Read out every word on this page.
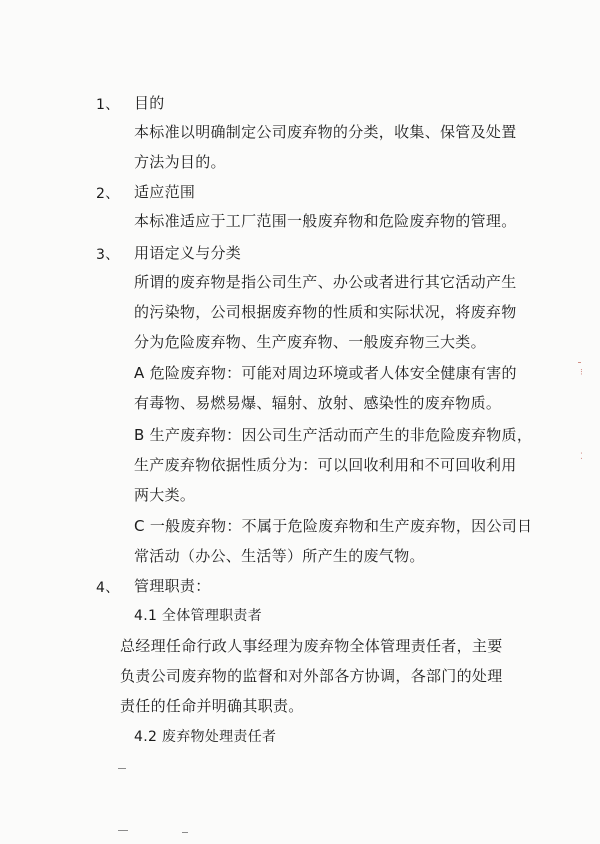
1、 目的
本标准以明确制定公司废弃物的分类，收集、保管及处置
方法为目的。
2、 适应范围
本标准适应于工厂范围一般废弃物和危险废弃物的管理。
3、 用语定义与分类
所谓的废弃物是指公司生产、办公或者进行其它活动产生
的污染物，公司根据废弃物的性质和实际状况，将废弃物
分为危险废弃物、生产废弃物、一般废弃物三大类。
A 危险废弃物：可能对周边环境或者人体安全健康有害的
有毒物、易燃易爆、辐射、放射、感染性的废弃物质。
B 生产废弃物：因公司生产活动而产生的非危险废弃物质，
生产废弃物依据性质分为：可以回收利用和不可回收利用
两大类。
C 一般废弃物：不属于危险废弃物和生产废弃物，因公司日
常活动（办公、生活等）所产生的废气物。
4、 管理职责：
4.1 全体管理职责者
总经理任命行政人事经理为废弃物全体管理责任者，主要
负责公司废弃物的监督和对外部各方协调，各部门的处理
责任的任命并明确其职责。
4.2 废弃物处理责任者
⁝
⁚
